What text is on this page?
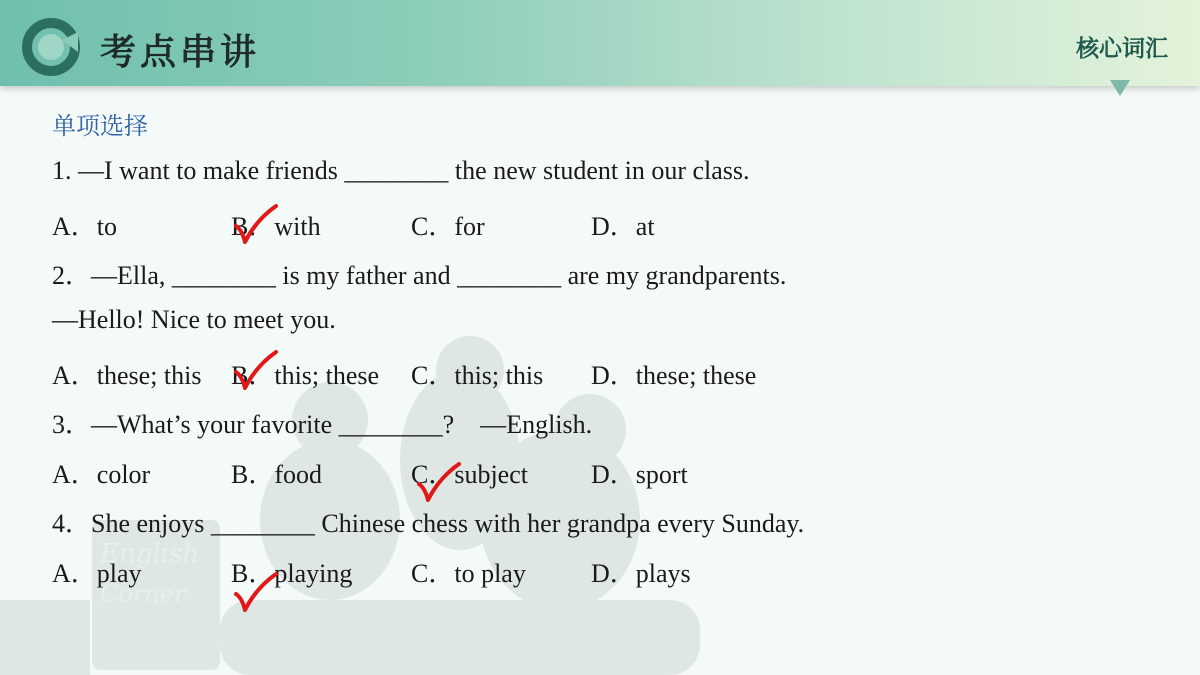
English
Corner
考点串讲	核心词汇
单项选择
1. —I want to make friends ________ the new student in our class.
A．to	B．with	C．for	D．at
2．—Ella, ________ is my father and ________ are my grandparents.
—Hello! Nice to meet you.
A．these; this B．this; these C．this; this D．these; these
3．—What’s your favorite ________?　—English.
A．color	B．food	C．subject D．sport
4．She enjoys ________ Chinese chess with her grandpa every Sunday.
A．play	B．playing C．to play	D．plays
